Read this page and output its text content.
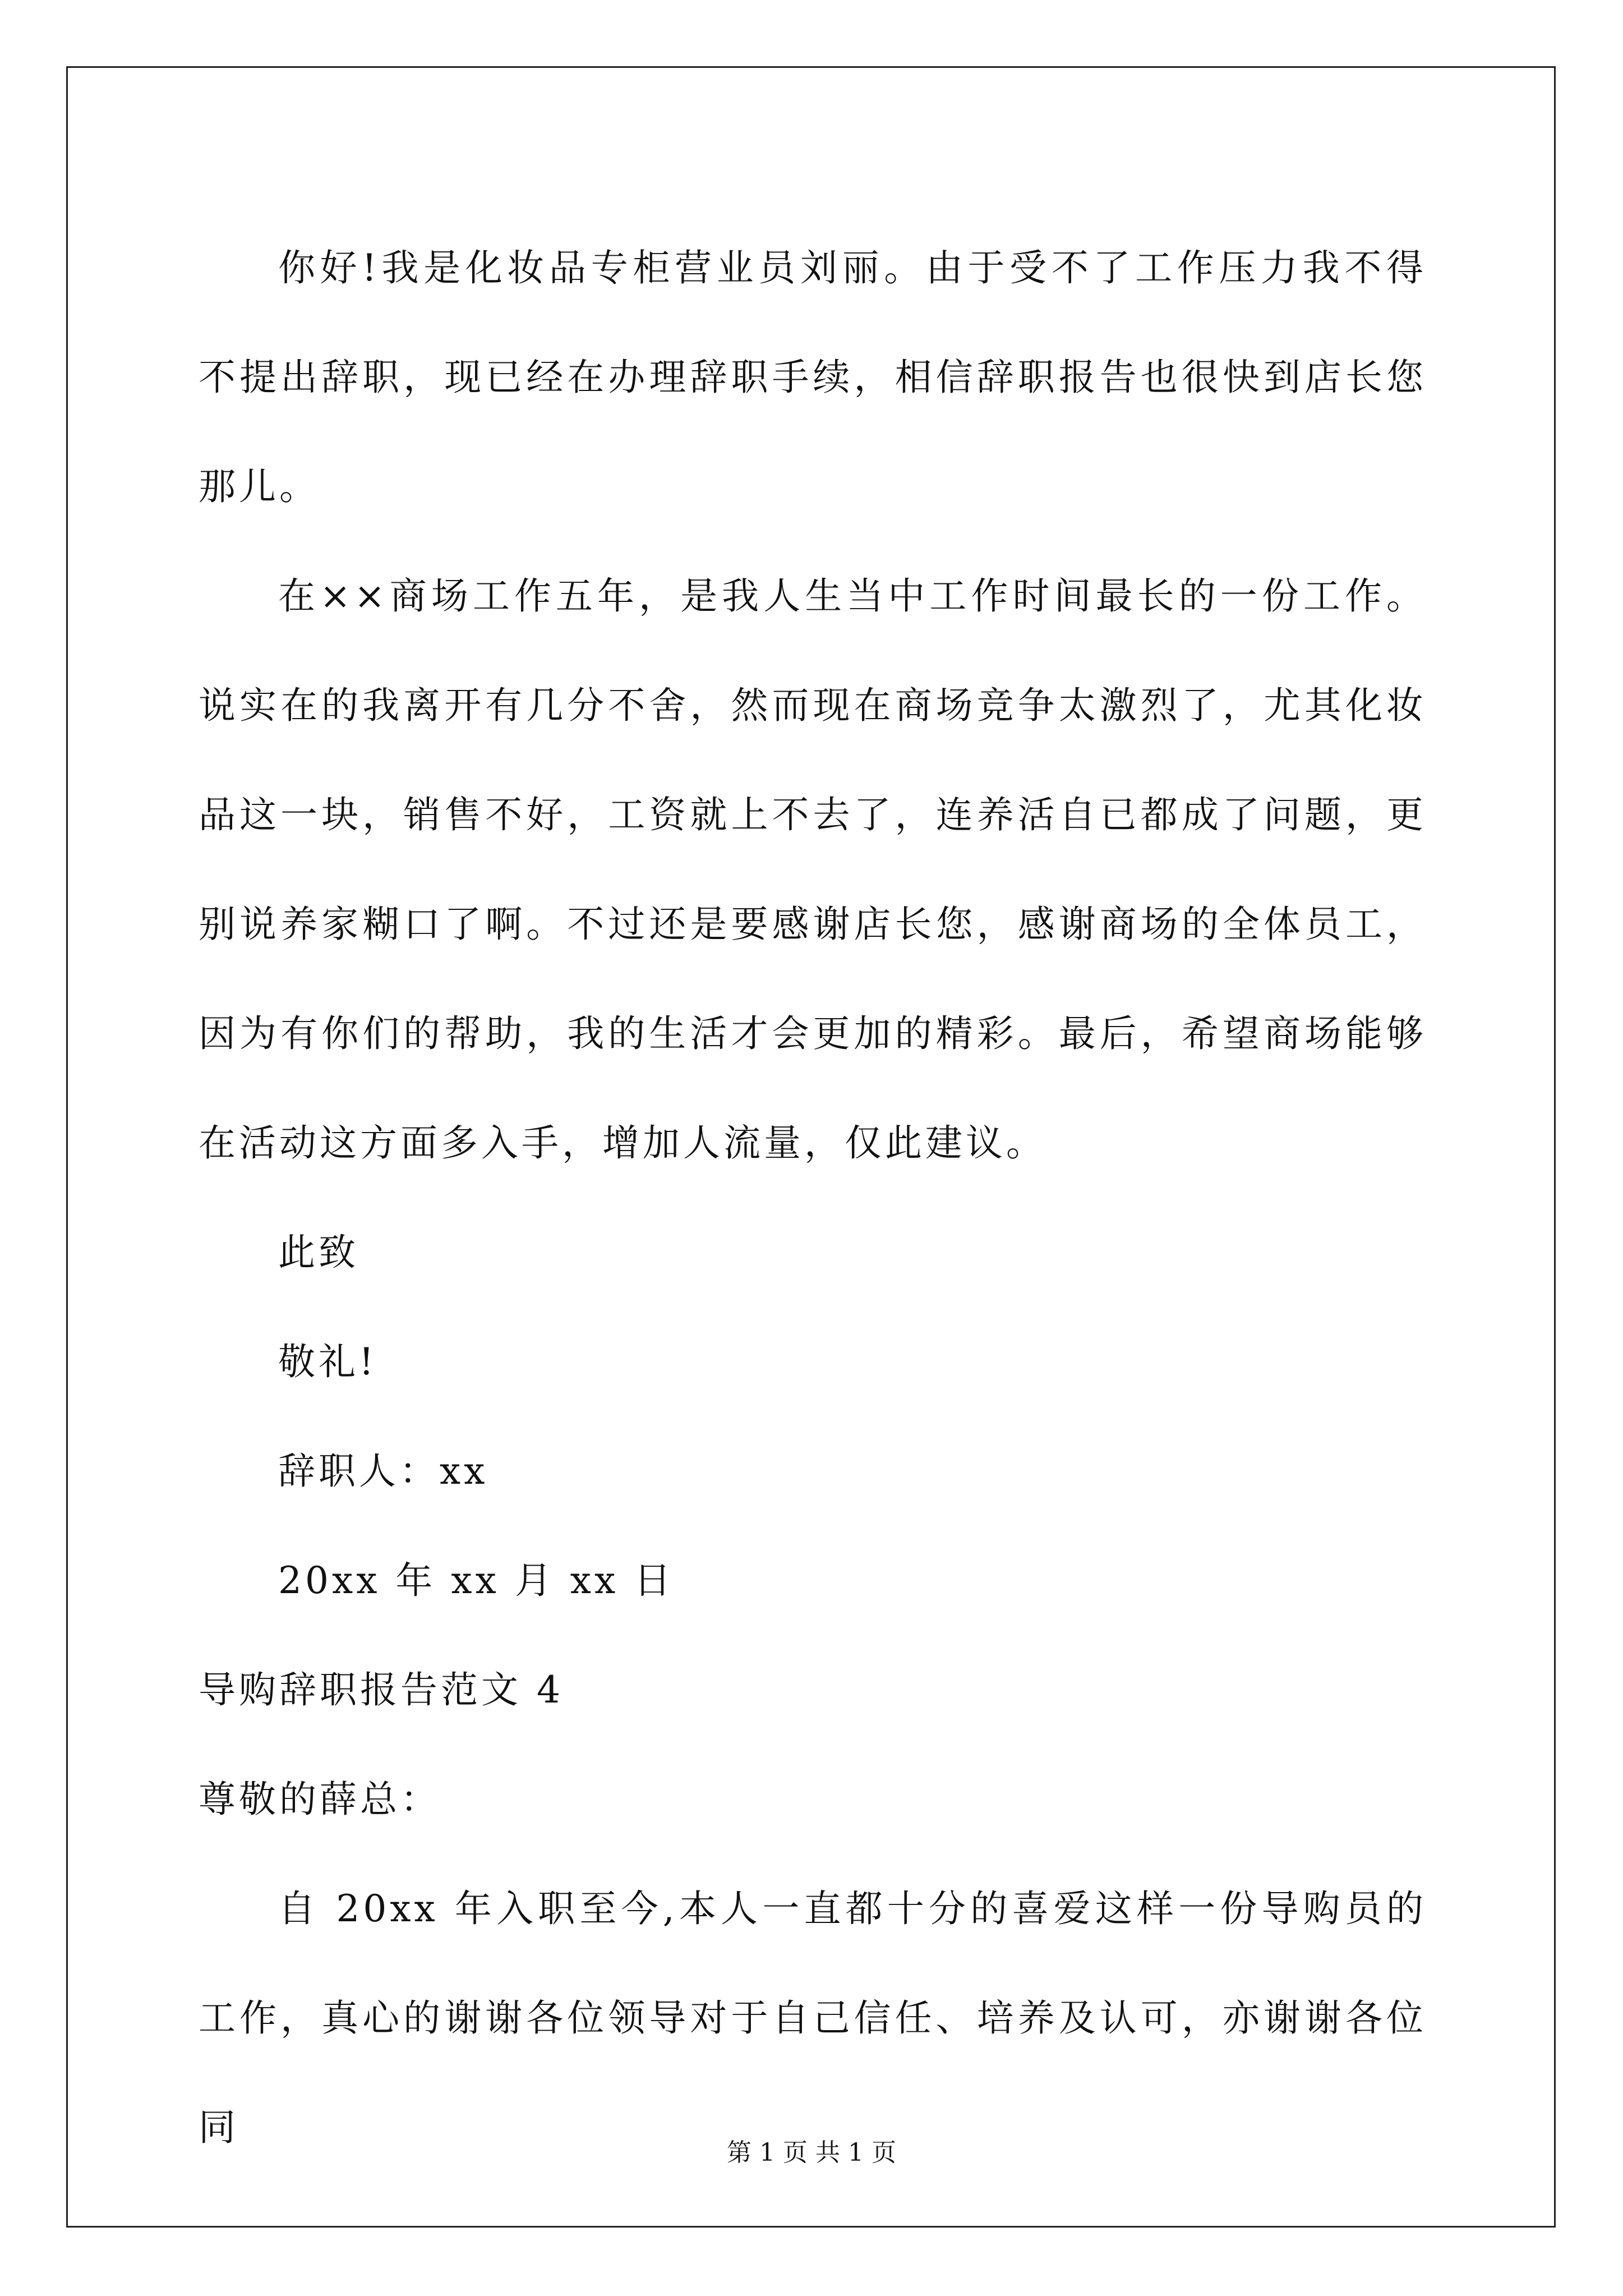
你好!我是化妆品专柜营业员刘丽。由于受不了工作压力我不得不提出辞职，现已经在办理辞职手续，相信辞职报告也很快到店长您那儿。

在××商场工作五年，是我人生当中工作时间最长的一份工作。说实在的我离开有几分不舍，然而现在商场竞争太激烈了，尤其化妆品这一块，销售不好，工资就上不去了，连养活自已都成了问题，更别说养家糊口了啊。不过还是要感谢店长您，感谢商场的全体员工，因为有你们的帮助，我的生活才会更加的精彩。最后，希望商场能够在活动这方面多入手，增加人流量，仅此建议。

此致

敬礼!

辞职人：xx

20xx 年 xx 月 xx 日

导购辞职报告范文 4

尊敬的薛总：

自 20xx 年入职至今,本人一直都十分的喜爱这样一份导购员的工作，真心的谢谢各位领导对于自己信任、培养及认可，亦谢谢各位同

第 1 页 共 1 页
